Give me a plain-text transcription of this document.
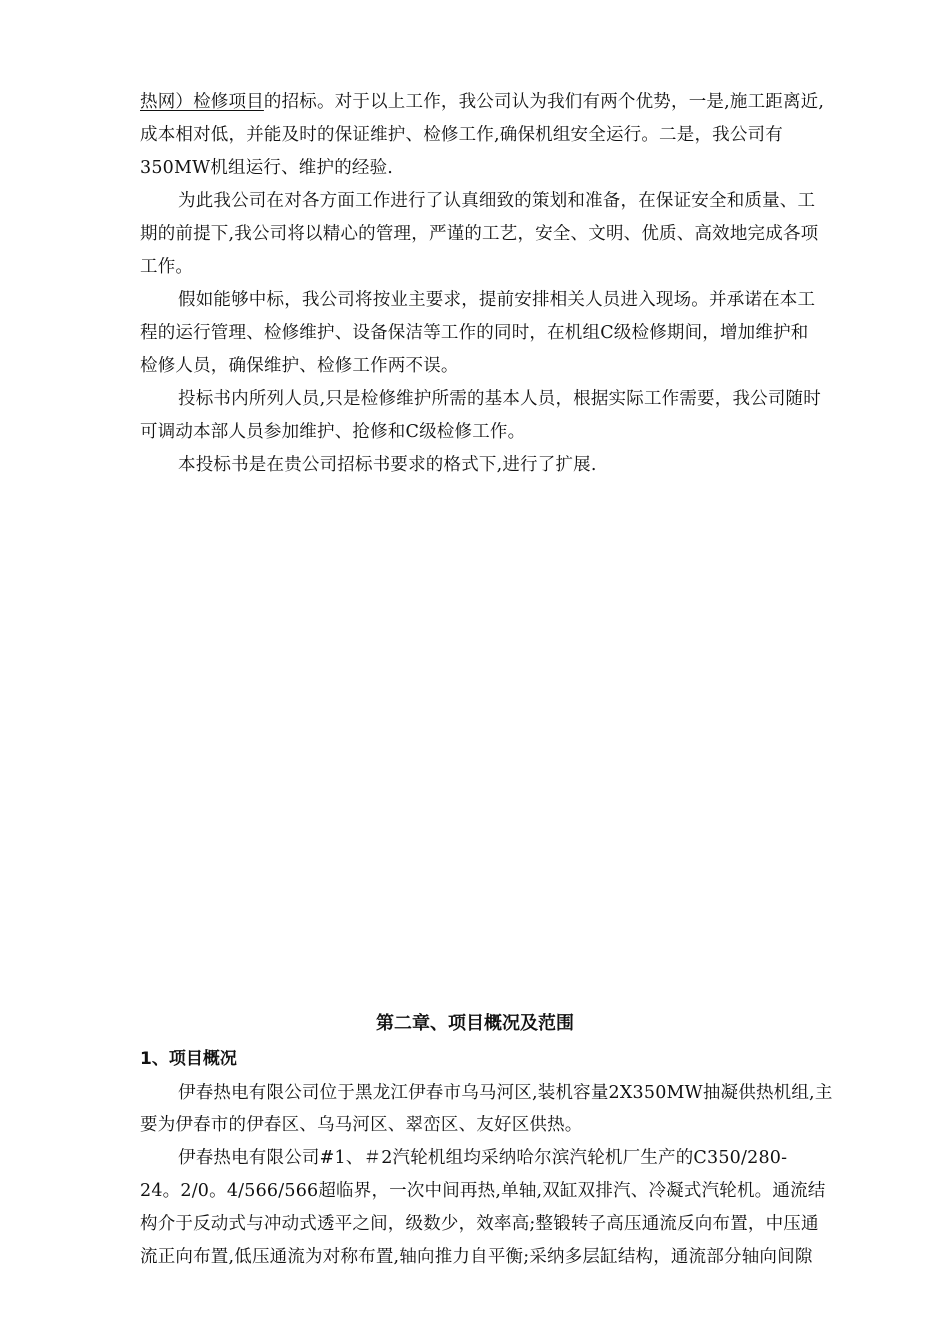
热网）检修项目的招标。对于以上工作，我公司认为我们有两个优势，一是,施工距离近,
成本相对低，并能及时的保证维护、检修工作,确保机组安全运行。二是，我公司有
350MW机组运行、维护的经验.
为此我公司在对各方面工作进行了认真细致的策划和准备，在保证安全和质量、工
期的前提下,我公司将以精心的管理，严谨的工艺，安全、文明、优质、高效地完成各项
工作。
假如能够中标，我公司将按业主要求，提前安排相关人员进入现场。并承诺在本工
程的运行管理、检修维护、设备保洁等工作的同时，在机组C级检修期间，增加维护和
检修人员，确保维护、检修工作两不误。
投标书内所列人员,只是检修维护所需的基本人员，根据实际工作需要，我公司随时
可调动本部人员参加维护、抢修和C级检修工作。
本投标书是在贵公司招标书要求的格式下,进行了扩展.
第二章、项目概况及范围
1、项目概况
伊春热电有限公司位于黑龙江伊春市乌马河区,装机容量2X350MW抽凝供热机组,主
要为伊春市的伊春区、乌马河区、翠峦区、友好区供热。
伊春热电有限公司#1、＃2汽轮机组均采纳哈尔滨汽轮机厂生产的C350/280-
24。2/0。4/566/566超临界，一次中间再热,单轴,双缸双排汽、冷凝式汽轮机。通流结
构介于反动式与冲动式透平之间，级数少，效率高;整锻转子高压通流反向布置，中压通
流正向布置,低压通流为对称布置,轴向推力自平衡;采纳多层缸结构，通流部分轴向间隙
